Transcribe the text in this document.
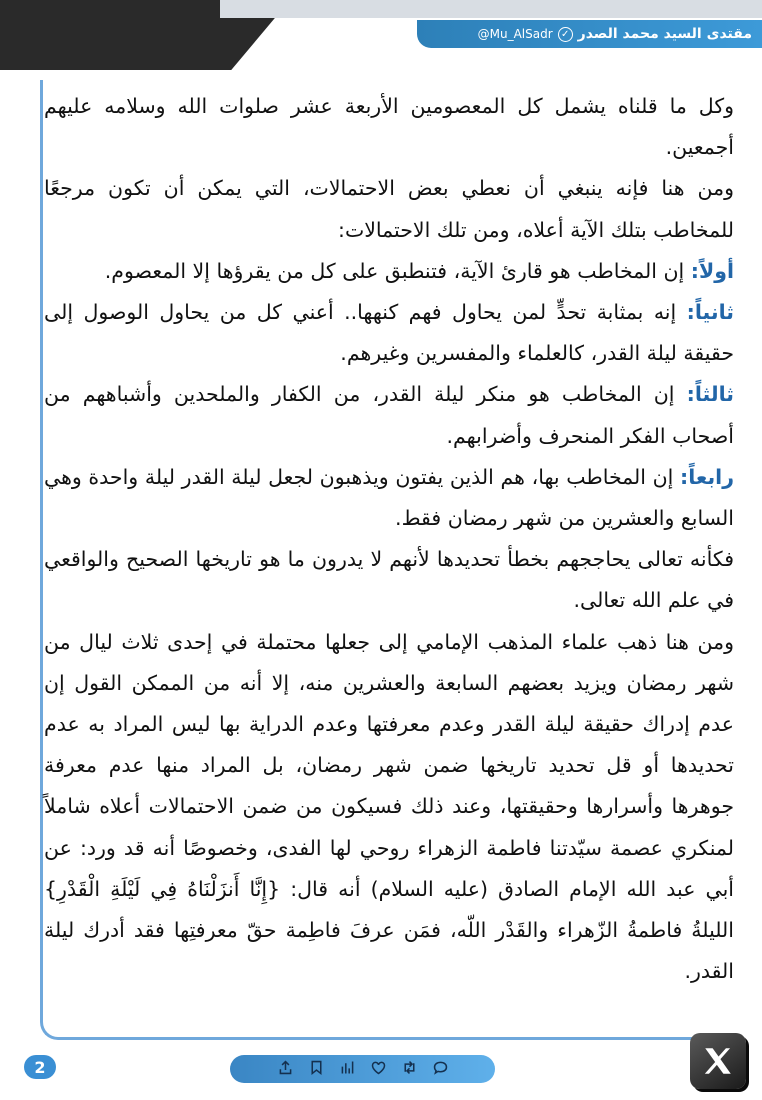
@Mu_AlSadr ✓ مقتدى السيد محمد الصدر

وكل ما قلناه يشمل كل المعصومين الأربعة عشر صلوات الله وسلامه عليهم أجمعين.

ومن هنا فإنه ينبغي أن نعطي بعض الاحتمالات، التي يمكن أن تكون مرجعًا للمخاطب بتلك الآية أعلاه، ومن تلك الاحتمالات:

أولاً: إن المخاطب هو قارئ الآية، فتنطبق على كل من يقرؤها إلا المعصوم.

ثانياً: إنه بمثابة تحدٍّ لمن يحاول فهم كنهها.. أعني كل من يحاول الوصول إلى حقيقة ليلة القدر، كالعلماء والمفسرين وغيرهم.

ثالثاً: إن المخاطب هو منكر ليلة القدر، من الكفار والملحدين وأشباههم من أصحاب الفكر المنحرف وأضرابهم.

رابعاً: إن المخاطب بها، هم الذين يفتون ويذهبون لجعل ليلة القدر ليلة واحدة وهي السابع والعشرين من شهر رمضان فقط.

فكأنه تعالى يحاججهم بخطأ تحديدها لأنهم لا يدرون ما هو تاريخها الصحيح والواقعي في علم الله تعالى.

ومن هنا ذهب علماء المذهب الإمامي إلى جعلها محتملة في إحدى ثلاث ليال من شهر رمضان ويزيد بعضهم السابعة والعشرين منه، إلا أنه من الممكن القول إن عدم إدراك حقيقة ليلة القدر وعدم معرفتها وعدم الدراية بها ليس المراد به عدم تحديدها أو قل تحديد تاريخها ضمن شهر رمضان، بل المراد منها عدم معرفة جوهرها وأسرارها وحقيقتها، وعند ذلك فسيكون من ضمن الاحتمالات أعلاه شاملاً لمنكري عصمة سيّدتنا فاطمة الزهراء روحي لها الفدى، وخصوصًا أنه قد ورد: عن أبي عبد الله الإمام الصادق (عليه السلام) أنه قال: {إِنَّا أَنزَلْنَاهُ فِي لَيْلَةِ الْقَدْرِ} الليلةُ فاطمةُ الزّهراء والقَدْر اللّه، فمَن عرفَ فاطِمة حقّ معرفتِها فقد أدرك ليلة القدر.

2
